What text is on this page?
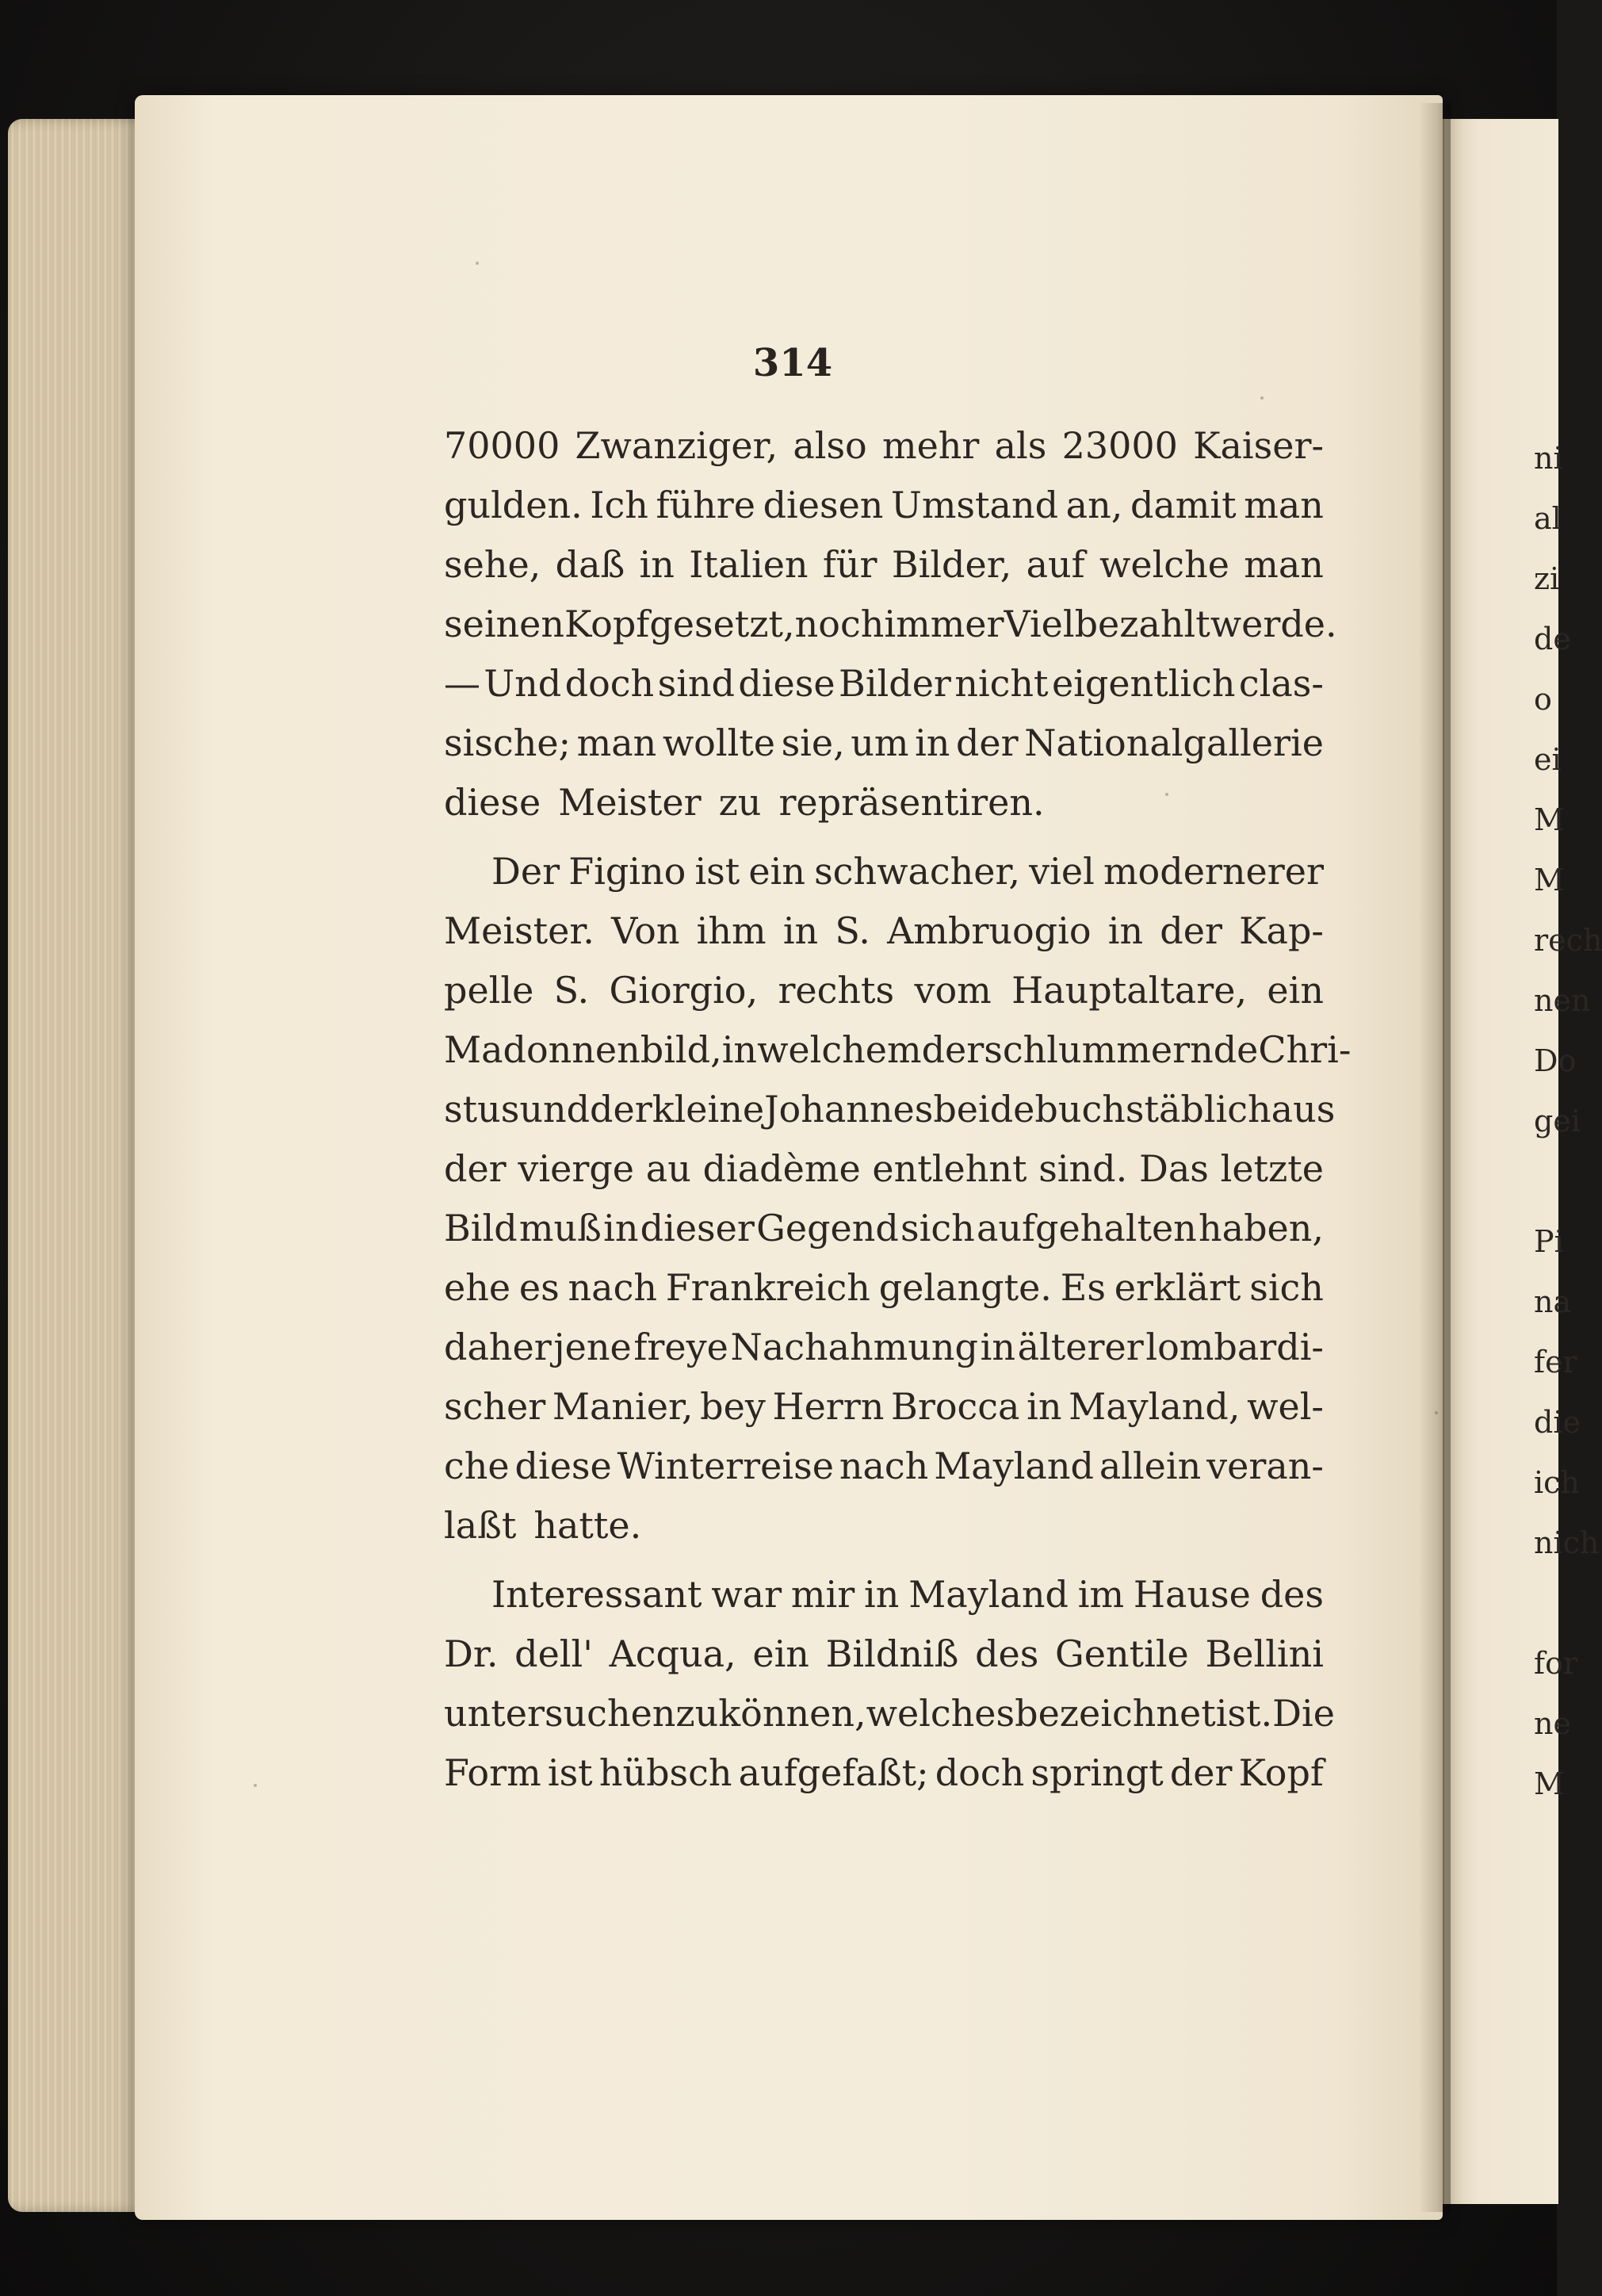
314
70000 Zwanziger, also mehr als 23000 Kaiser-
gulden. Ich führe diesen Umstand an, damit man
sehe, daß in Italien für Bilder, auf welche man
seinen Kopf gesetzt, noch immer Viel bezahlt werde.
— Und doch sind diese Bilder nicht eigentlich clas-
sische; man wollte sie, um in der Nationalgallerie
diese Meister zu repräsentiren.
Der Figino ist ein schwacher, viel modernerer
Meister. Von ihm in S. Ambruogio in der Kap-
pelle S. Giorgio, rechts vom Hauptaltare, ein
Madonnenbild, in welchem der schlummernde Chri-
stus und der kleine Johannes beide buchstäblich aus
der vierge au diadème entlehnt sind. Das letzte
Bild muß in dieser Gegend sich aufgehalten haben,
ehe es nach Frankreich gelangte. Es erklärt sich
daher jene freye Nachahmung in älterer lombardi-
scher Manier, bey Herrn Brocca in Mayland, wel-
che diese Winterreise nach Mayland allein veran-
laßt hatte.
Interessant war mir in Mayland im Hause des
Dr. dell' Acqua, ein Bildniß des Gentile Bellini
untersuchen zu können, welches bezeichnet ist. Die
Form ist hübsch aufgefaßt; doch springt der Kopf
ni
al
zi
de
o
ei
M
M
rech
nen
Do
gei
Pi
na
fer
die
ich
nich
for
ne
M
